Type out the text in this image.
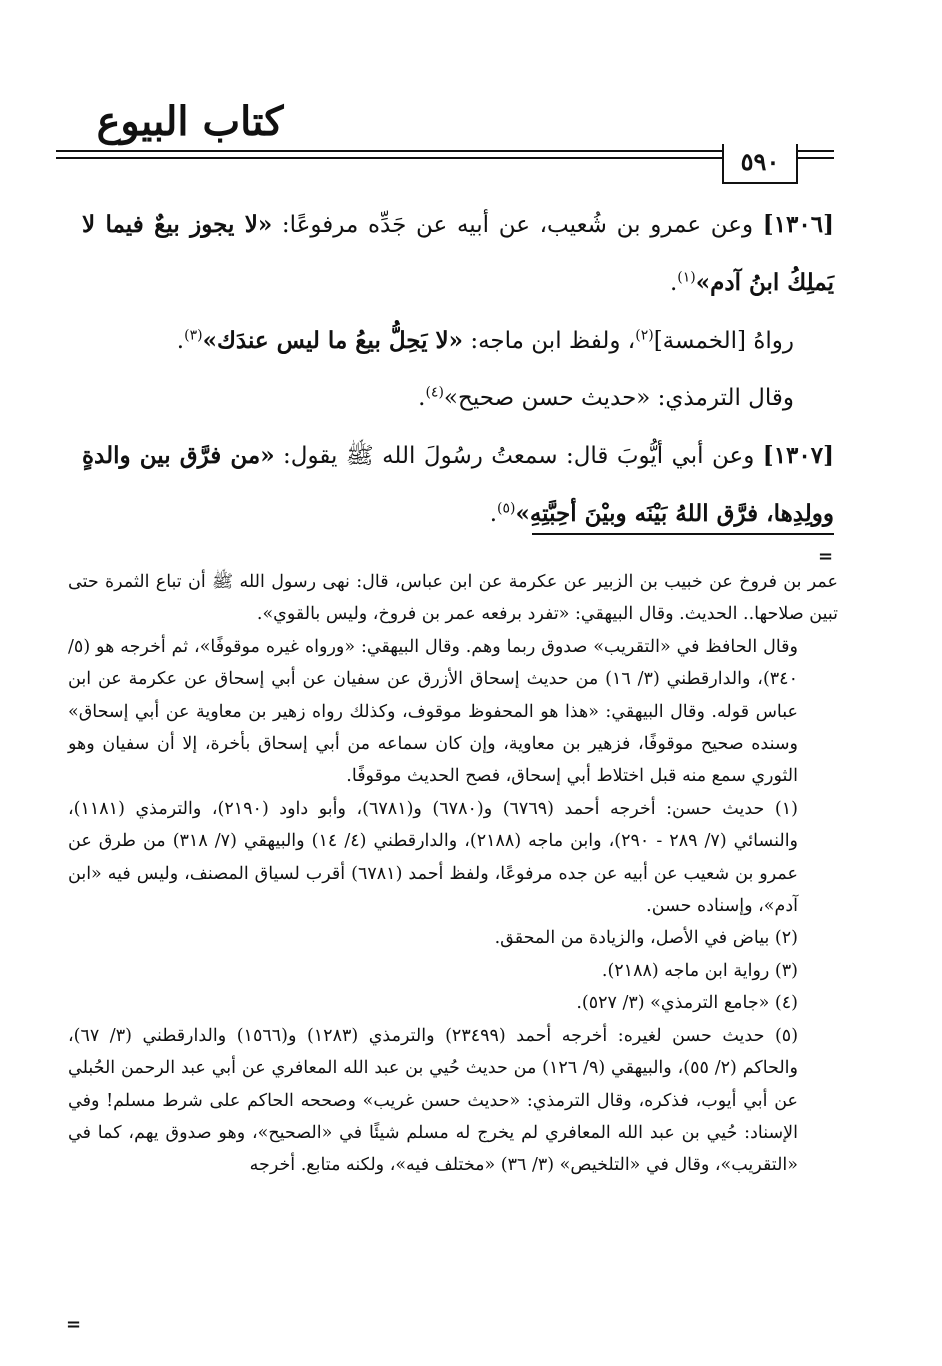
كتاب البيوع
٥٩٠

[١٣٠٦] وعن عمرو بن شُعيب، عن أبيه عن جَدِّه مرفوعًا: «لا يجوز بيعٌ فيما لا يَملِكُ ابنُ آدم»$^{(١)}$.

رواهُ [الخمسة]$^{(٢)}$، ولفظ ابن ماجه: «لا يَحِلُّ بيعُ ما ليس عندَك»$^{(٣)}$.

وقال الترمذي: «حديث حسن صحيح»$^{(٤)}$.

[١٣٠٧] وعن أبي أيُّوبَ قال: سمعتُ رسُولَ الله ﷺ يقول: «من فرَّق بين والدةٍ وولِدِها، فرَّق اللهُ بَيْنَه وبيْنَ أحِبَّتِهِ»$^{(٥)}$.

=

عمر بن فروخ عن خبيب بن الزبير عن عكرمة عن ابن عباس، قال: نهى رسول الله ﷺ أن تباع الثمرة حتى تبين صلاحها.. الحديث. وقال البيهقي: «تفرد برفعه عمر بن فروخ، وليس بالقوي».

وقال الحافظ في «التقريب» صدوق ربما وهم. وقال البيهقي: «ورواه غيره موقوفًا»، ثم أخرجه هو (٥/ ٣٤٠)، والدارقطني (٣/ ١٦) من حديث إسحاق الأزرق عن سفيان عن أبي إسحاق عن عكرمة عن ابن عباس قوله. وقال البيهقي: «هذا هو المحفوظ موقوف، وكذلك رواه زهير بن معاوية عن أبي إسحاق» وسنده صحيح موقوفًا، فزهير بن معاوية، وإن كان سماعه من أبي إسحاق بأخرة، إلا أن سفيان وهو الثوري سمع منه قبل اختلاط أبي إسحاق، فصح الحديث موقوفًا.

(١) حديث حسن: أخرجه أحمد (٦٧٦٩) و(٦٧٨٠) و(٦٧٨١)، وأبو داود (٢١٩٠)، والترمذي (١١٨١)، والنسائي (٧/ ٢٨٩ - ٢٩٠)، وابن ماجه (٢١٨٨)، والدارقطني (٤/ ١٤) والبيهقي (٧/ ٣١٨) من طرق عن عمرو بن شعيب عن أبيه عن جده مرفوعًا، ولفظ أحمد (٦٧٨١) أقرب لسياق المصنف، وليس فيه «ابن آدم»، وإسناده حسن.

(٢) بياض في الأصل، والزيادة من المحقق.

(٣) رواية ابن ماجه (٢١٨٨).

(٤) «جامع الترمذي» (٣/ ٥٢٧).

(٥) حديث حسن لغيره: أخرجه أحمد (٢٣٤٩٩) والترمذي (١٢٨٣) و(١٥٦٦) والدارقطني (٣/ ٦٧)، والحاكم (٢/ ٥٥)، والبيهقي (٩/ ١٢٦) من حديث حُيي بن عبد الله المعافري عن أبي عبد الرحمن الحُبلي عن أبي أيوب، فذكره، وقال الترمذي: «حديث حسن غريب» وصححه الحاكم على شرط مسلم! وفي الإسناد: حُيي بن عبد الله المعافري لم يخرج له مسلم شيئًا في «الصحيح»، وهو صدوق يهم، كما في «التقريب»، وقال في «التلخيص» (٣/ ٣٦) «مختلف فيه»، ولكنه متابع. أخرجه

=
